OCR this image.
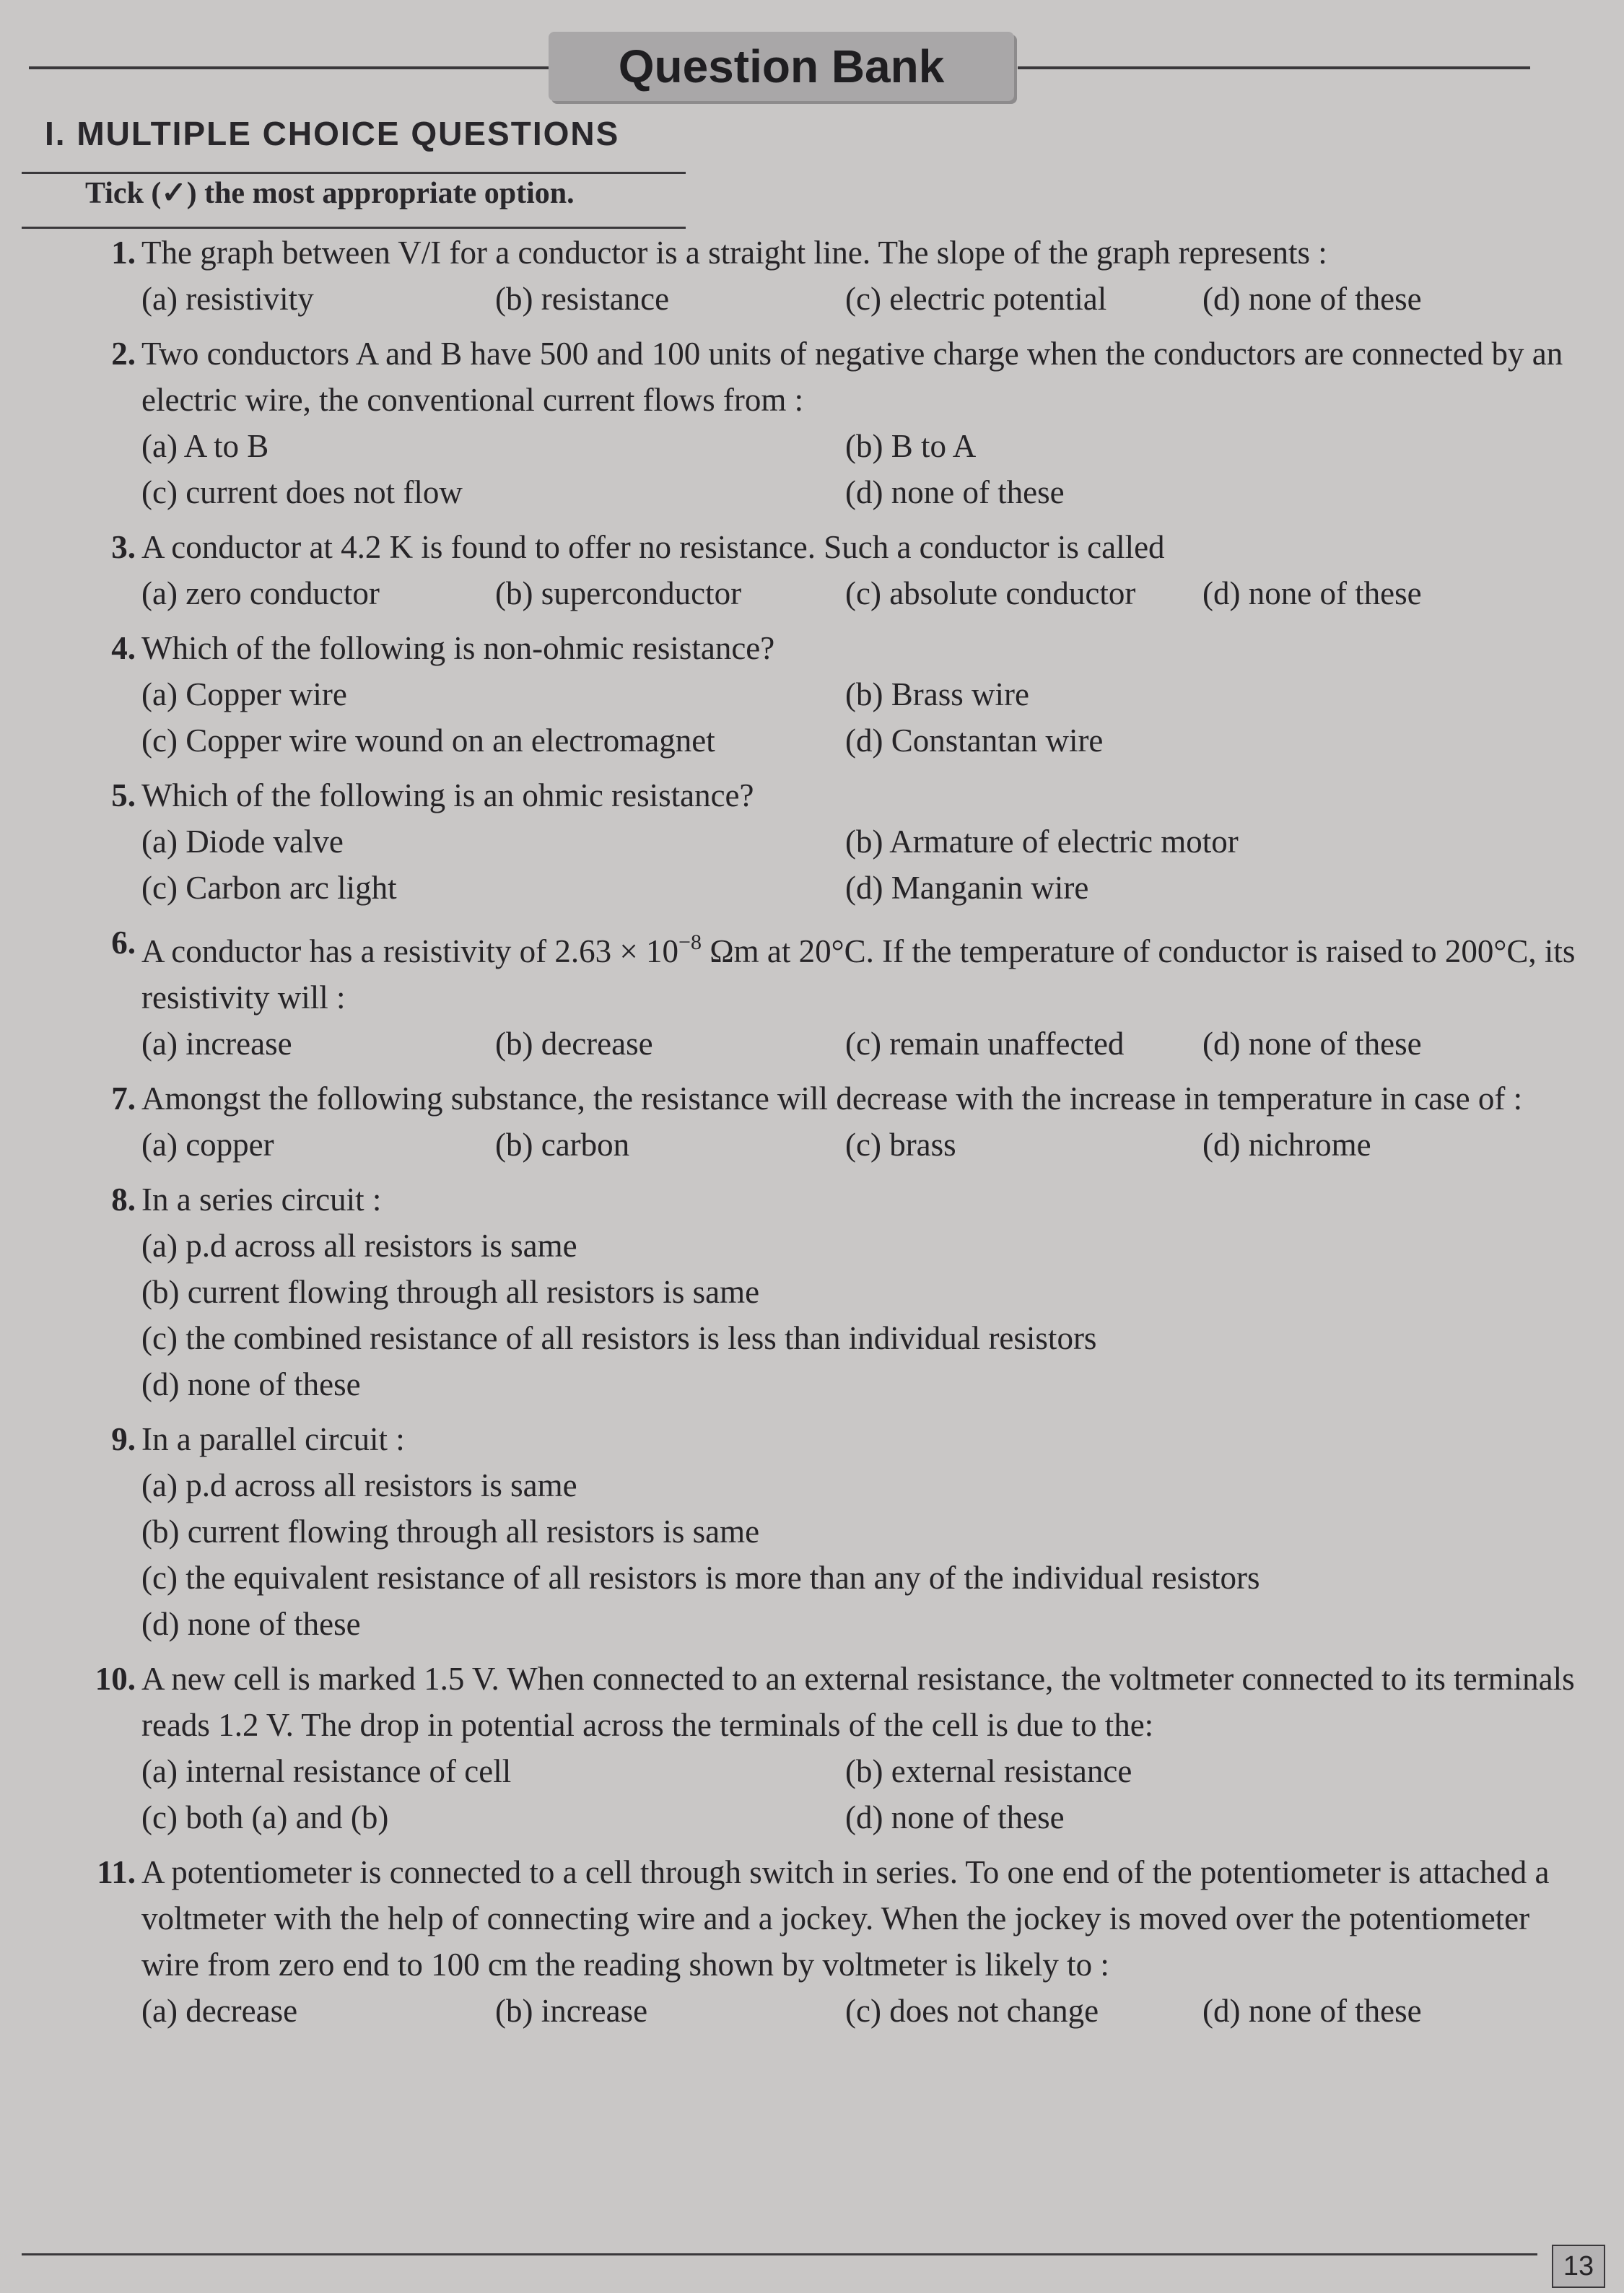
Question Bank
I. MULTIPLE CHOICE QUESTIONS
Tick (✓) the most appropriate option.
1. The graph between V/I for a conductor is a straight line. The slope of the graph represents :
(a) resistivity	(b) resistance	(c) electric potential	(d) none of these
2. Two conductors A and B have 500 and 100 units of negative charge when the conductors are connected by an electric wire, the conventional current flows from :
(a) A to B	(b) B to A
(c) current does not flow	(d) none of these
3. A conductor at 4.2 K is found to offer no resistance. Such a conductor is called
(a) zero conductor	(b) superconductor	(c) absolute conductor	(d) none of these
4. Which of the following is non-ohmic resistance?
(a) Copper wire	(b) Brass wire
(c) Copper wire wound on an electromagnet	(d) Constantan wire
5. Which of the following is an ohmic resistance?
(a) Diode valve	(b) Armature of electric motor
(c) Carbon arc light	(d) Manganin wire
6. A conductor has a resistivity of $2.63 \times 10^{-8}$ Ωm at 20°C. If the temperature of conductor is raised to 200°C, its resistivity will :
(a) increase	(b) decrease	(c) remain unaffected	(d) none of these
7. Amongst the following substance, the resistance will decrease with the increase in temperature in case of :
(a) copper	(b) carbon	(c) brass	(d) nichrome
8. In a series circuit :
(a) p.d across all resistors is same
(b) current flowing through all resistors is same
(c) the combined resistance of all resistors is less than individual resistors
(d) none of these
9. In a parallel circuit :
(a) p.d across all resistors is same
(b) current flowing through all resistors is same
(c) the equivalent resistance of all resistors is more than any of the individual resistors
(d) none of these
10. A new cell is marked 1.5 V. When connected to an external resistance, the voltmeter connected to its terminals reads 1.2 V. The drop in potential across the terminals of the cell is due to the:
(a) internal resistance of cell	(b) external resistance
(c) both (a) and (b)	(d) none of these
11. A potentiometer is connected to a cell through switch in series. To one end of the potentiometer is attached a voltmeter with the help of connecting wire and a jockey. When the jockey is moved over the potentiometer wire from zero end to 100 cm the reading shown by voltmeter is likely to :
(a) decrease	(b) increase	(c) does not change	(d) none of these
13
